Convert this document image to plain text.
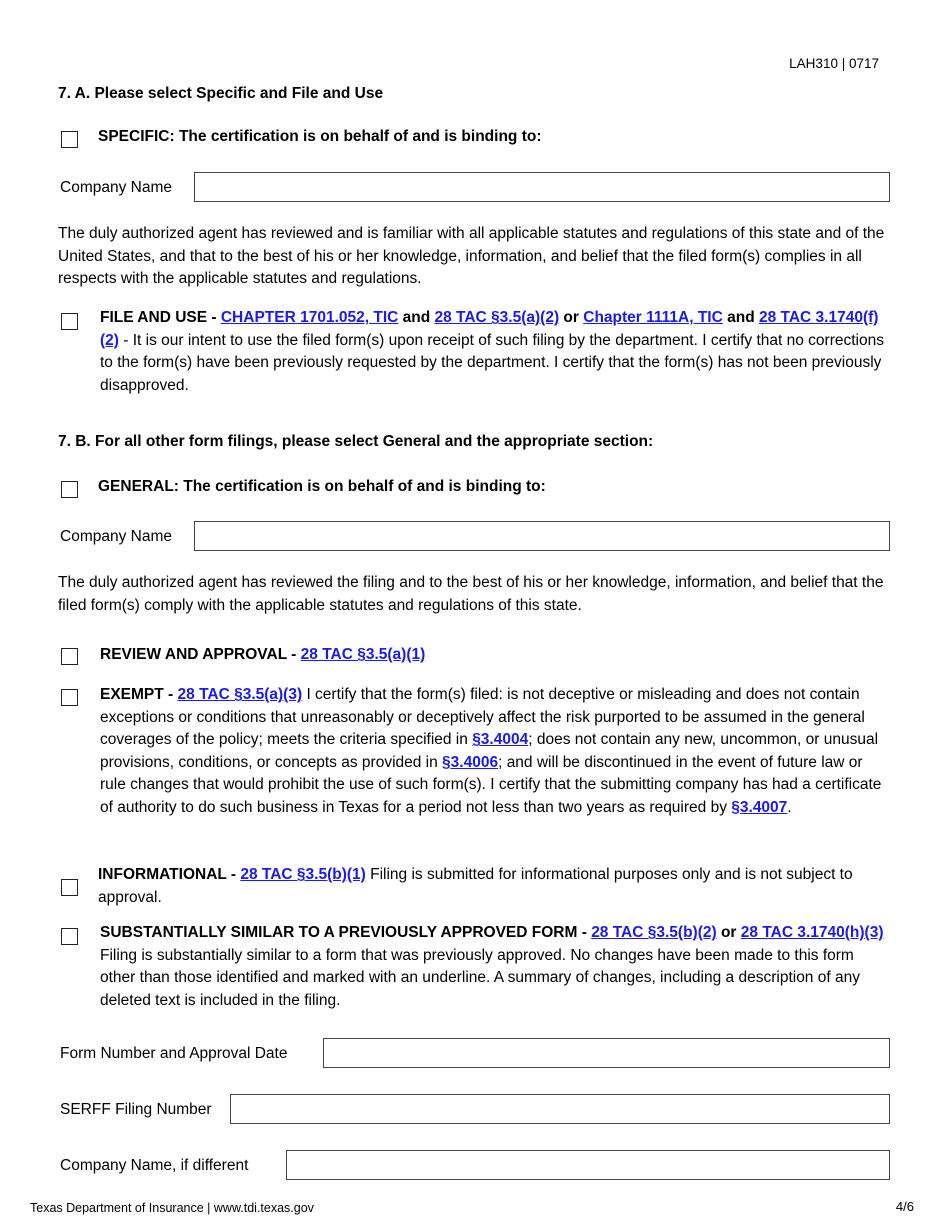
LAH310 | 0717
7. A. Please select Specific and File and Use
SPECIFIC: The certification is on behalf of and is binding to:
Company Name
The duly authorized agent has reviewed and is familiar with all applicable statutes and regulations of this state and of the United States, and that to the best of his or her knowledge, information, and belief that the filed form(s) complies in all respects with the applicable statutes and regulations.
FILE AND USE - CHAPTER 1701.052, TIC and 28 TAC §3.5(a)(2) or Chapter 1111A, TIC and 28 TAC 3.1740(f)(2) - It is our intent to use the filed form(s) upon receipt of such filing by the department. I certify that no corrections to the form(s) have been previously requested by the department. I certify that the form(s) has not been previously disapproved.
7. B. For all other form filings, please select General and the appropriate section:
GENERAL: The certification is on behalf of and is binding to:
Company Name
The duly authorized agent has reviewed the filing and to the best of his or her knowledge, information, and belief that the filed form(s) comply with the applicable statutes and regulations of this state.
REVIEW AND APPROVAL - 28 TAC §3.5(a)(1)
EXEMPT - 28 TAC §3.5(a)(3) I certify that the form(s) filed: is not deceptive or misleading and does not contain exceptions or conditions that unreasonably or deceptively affect the risk purported to be assumed in the general coverages of the policy; meets the criteria specified in §3.4004; does not contain any new, uncommon, or unusual provisions, conditions, or concepts as provided in §3.4006; and will be discontinued in the event of future law or rule changes that would prohibit the use of such form(s). I certify that the submitting company has had a certificate of authority to do such business in Texas for a period not less than two years as required by §3.4007.
INFORMATIONAL - 28 TAC §3.5(b)(1) Filing is submitted for informational purposes only and is not subject to approval.
SUBSTANTIALLY SIMILAR TO A PREVIOUSLY APPROVED FORM - 28 TAC §3.5(b)(2) or 28 TAC 3.1740(h)(3) Filing is substantially similar to a form that was previously approved. No changes have been made to this form other than those identified and marked with an underline. A summary of changes, including a description of any deleted text is included in the filing.
Form Number and Approval Date
SERFF Filing Number
Company Name, if different
Texas Department of Insurance | www.tdi.texas.gov	4/6
